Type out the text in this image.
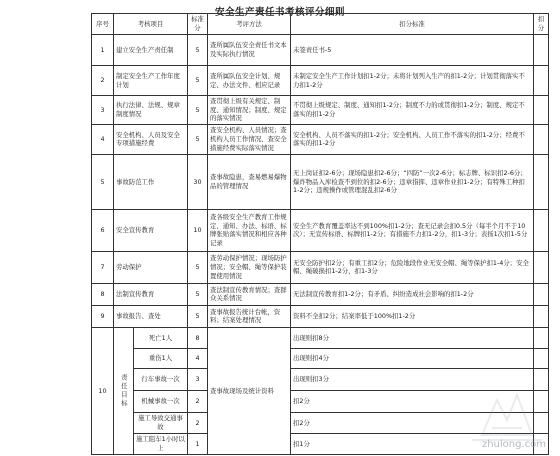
安全生产责任书考核评分细则
序号	考核项目		标准分	考评方法	扣分标准	扣分
1	建立安全生产责任制		5	查所属队伍安全责任书文本及实际执行情况	未签责任书-5	
2	制定安全生产工作年度计划		5	查所属队伍安全计划、规定、办法文件、相应记录	未制定安全生产工作计划扣1-2分；未将计划列入生产的扣1-2分；计划贯彻落实不力扣1-2分	
3	执行法律、法规、规章制度情况		5	查贯彻上级有关规定、制度、通知情况；制度、规定的落实情况	不贯彻上级规定、制度、通知扣1-2分；制度不力的或贯彻扣1-2分；制度、规定不落实的扣1-2分	
4	安全机构、人员及安全专项措施经费		5	查安全机构、人员情况；查机构人员工作情况、查安全措施经费实际落实情况	安全机构、人员不落实的扣1-2分；安全机构、人员工作不落实的扣1-2分；经费不落实的扣1-2分	
5	事故防范工作		30	查事故隐患，查易燃易爆物品的管理情况	无上岗证扣2-6分；现场隐患扣2-6分；“四防”一次2-6分；标志牌、标识扣2-6分；爆炸物品入库检查不到位的扣2-6分；违章指挥、违章作业扣1-2分；有特殊工种扣1-2分；违规操作或管理混乱扣2-6分	
6	安全宣传教育		10	查各级安全生产教育工作规定、通知、办法、标语、标牌张贴落实情况和相应各种记录	安全生产教育覆盖率达不到100%扣1-2分；查无记录会扣0.5分（每半个月不于10次）；无宣传标语、标牌扣1-2分；有措施不力扣1-2分，扣1-3分；表扬1次扣1-5分	
7	劳动保护		5	查劳动保护情况；现场防护情况；安全帽、绳等保护装置使用情况	无安全防护扣2分；有重工扣2分；危险地段作业无安全帽、绳等保护扣1-4分；安全帽、绳破损扣1-2分，扣1-3分	
8	法制宣传教育		5	查法制宣传教育情况；查群众关系情况	无法制宣传教育扣1-2分；有矛盾、纠纷造成社会影响的扣1-2分	
9	事故报告、查处		5	查事故报告统计台帐，资料；结案处理情况	资料不全扣2分；结案率低于100%扣1-2分	
10	责任目标	死亡1人	8	查事故现场及统计资料	出现则扣8分	
		重伤1人	4		出现则扣4分	
		行车事故一次	3		出现则扣3分	
		机械事故一次	2		扣2分	
		施工导致交通事故	2		扣2分	
		施工阻车1小时以上	1		扣1分		zhulong.com
